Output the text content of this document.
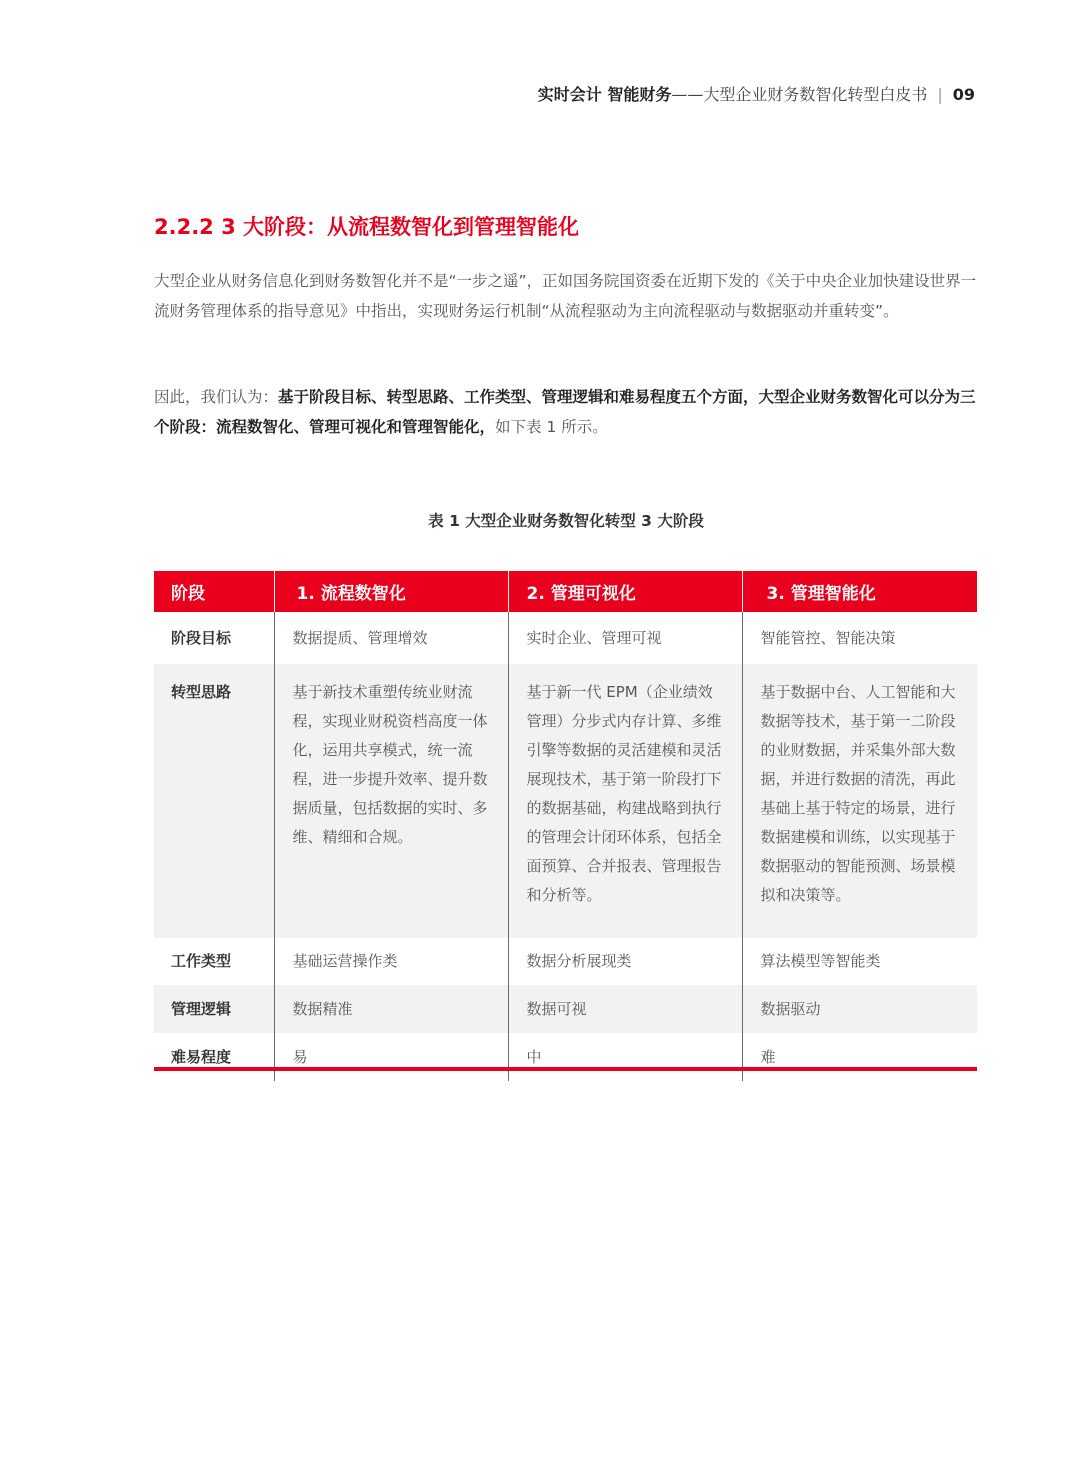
实时会计 智能财务——大型企业财务数智化转型白皮书 | 09
2.2.2 3 大阶段：从流程数智化到管理智能化

大型企业从财务信息化到财务数智化并不是“一步之遥”，正如国务院国资委在近期下发的《关于中央企业加快建设世界一流财务管理体系的指导意见》中指出，实现财务运行机制“从流程驱动为主向流程驱动与数据驱动并重转变”。

因此，我们认为：基于阶段目标、转型思路、工作类型、管理逻辑和难易程度五个方面，大型企业财务数智化可以分为三个阶段：流程数智化、管理可视化和管理智能化，如下表 1 所示。

表 1 大型企业财务数智化转型 3 大阶段
阶段	1. 流程数智化	2. 管理可视化	3. 管理智能化
阶段目标	数据提质、管理增效	实时企业、管理可视	智能管控、智能决策
转型思路	基于新技术重塑传统业财流程，实现业财税资档高度一体化，运用共享模式，统一流程，进一步提升效率、提升数据质量，包括数据的实时、多维、精细和合规。	基于新一代 EPM（企业绩效管理）分步式内存计算、多维引擎等数据的灵活建模和灵活展现技术，基于第一阶段打下的数据基础，构建战略到执行的管理会计闭环体系，包括全面预算、合并报表、管理报告和分析等。	基于数据中台、人工智能和大数据等技术，基于第一二阶段的业财数据，并采集外部大数据，并进行数据的清洗，再此基础上基于特定的场景，进行数据建模和训练，以实现基于数据驱动的智能预测、场景模拟和决策等。
工作类型	基础运营操作类	数据分析展现类	算法模型等智能类
管理逻辑	数据精准	数据可视	数据驱动
难易程度	易	中	难
